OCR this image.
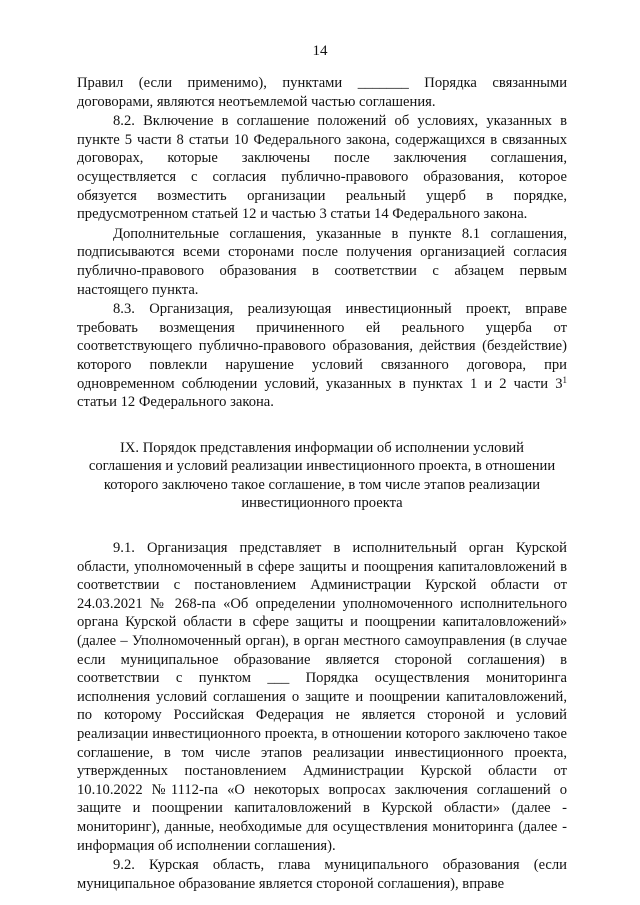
14

Правил (если применимо), пунктами _______ Порядка связанными договорами, являются неотъемлемой частью соглашения.

8.2. Включение в соглашение положений об условиях, указанных в пункте 5 части 8 статьи 10 Федерального закона, содержащихся в связанных договорах, которые заключены после заключения соглашения, осуществляется с согласия публично-правового образования, которое обязуется возместить организации реальный ущерб в порядке, предусмотренном статьей 12 и частью 3 статьи 14 Федерального закона.

Дополнительные соглашения, указанные в пункте 8.1 соглашения, подписываются всеми сторонами после получения организацией согласия публично-правового образования в соответствии с абзацем первым настоящего пункта.

8.3. Организация, реализующая инвестиционный проект, вправе требовать возмещения причиненного ей реального ущерба от соответствующего публично-правового образования, действия (бездействие) которого повлекли нарушение условий связанного договора, при одновременном соблюдении условий, указанных в пунктах 1 и 2 части $3^1$ статьи 12 Федерального закона.

IX. Порядок представления информации об исполнении условий
соглашения и условий реализации инвестиционного проекта, в отношении
которого заключено такое соглашение, в том числе этапов реализации
инвестиционного проекта

9.1. Организация представляет в исполнительный орган Курской области, уполномоченный в сфере защиты и поощрения капиталовложений в соответствии с постановлением Администрации Курской области от 24.03.2021 № 268-па «Об определении уполномоченного исполнительного органа Курской области в сфере защиты и поощрении капиталовложений» (далее – Уполномоченный орган), в орган местного самоуправления (в случае если муниципальное образование является стороной соглашения) в соответствии с пунктом ___ Порядка осуществления мониторинга исполнения условий соглашения о защите и поощрении капиталовложений, по которому Российская Федерация не является стороной и условий реализации инвестиционного проекта, в отношении которого заключено такое соглашение, в том числе этапов реализации инвестиционного проекта, утвержденных постановлением Администрации Курской области от 10.10.2022 №1112-па «О некоторых вопросах заключения соглашений о защите и поощрении капиталовложений в Курской области» (далее - мониторинг), данные, необходимые для осуществления мониторинга (далее - информация об исполнении соглашения).

9.2. Курская область, глава муниципального образования (если муниципальное образование является стороной соглашения), вправе
